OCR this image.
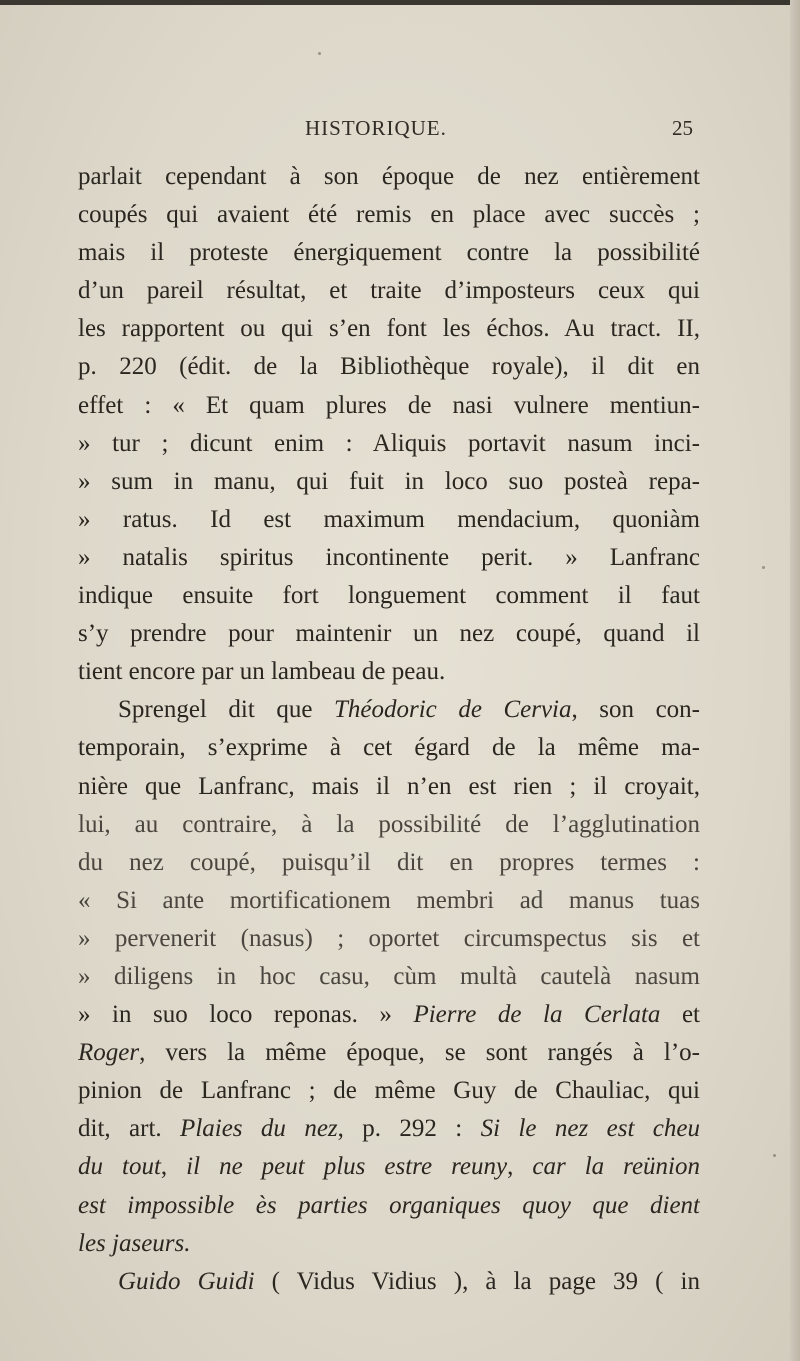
HISTORIQUE.	25
parlait cependant à son époque de nez entièrement
coupés qui avaient été remis en place avec succès ;
mais il proteste énergiquement contre la possibilité
d’un pareil résultat, et traite d’imposteurs ceux qui
les rapportent ou qui s’en font les échos. Au tract. II,
p. 220 (édit. de la Bibliothèque royale), il dit en
effet : « Et quam plures de nasi vulnere mentiun-
» tur ; dicunt enim : Aliquis portavit nasum inci-
» sum in manu, qui fuit in loco suo posteà repa-
» ratus. Id est maximum mendacium, quoniàm
» natalis spiritus incontinente perit. » Lanfranc
indique ensuite fort longuement comment il faut
s’y prendre pour maintenir un nez coupé, quand il
tient encore par un lambeau de peau.
Sprengel dit que Théodoric de Cervia, son con-
temporain, s’exprime à cet égard de la même ma-
nière que Lanfranc, mais il n’en est rien ; il croyait,
lui, au contraire, à la possibilité de l’agglutination
du nez coupé, puisqu’il dit en propres termes :
« Si ante mortificationem membri ad manus tuas
» pervenerit (nasus) ; oportet circumspectus sis et
» diligens in hoc casu, cùm multà cautelà nasum
» in suo loco reponas. » Pierre de la Cerlata et
Roger, vers la même époque, se sont rangés à l’o-
pinion de Lanfranc ; de même Guy de Chauliac, qui
dit, art. Plaies du nez, p. 292 : Si le nez est cheu
du tout, il ne peut plus estre reuny, car la reünion
est impossible ès parties organiques quoy que dient
les jaseurs.
Guido Guidi ( Vidus Vidius ), à la page 39 ( in
